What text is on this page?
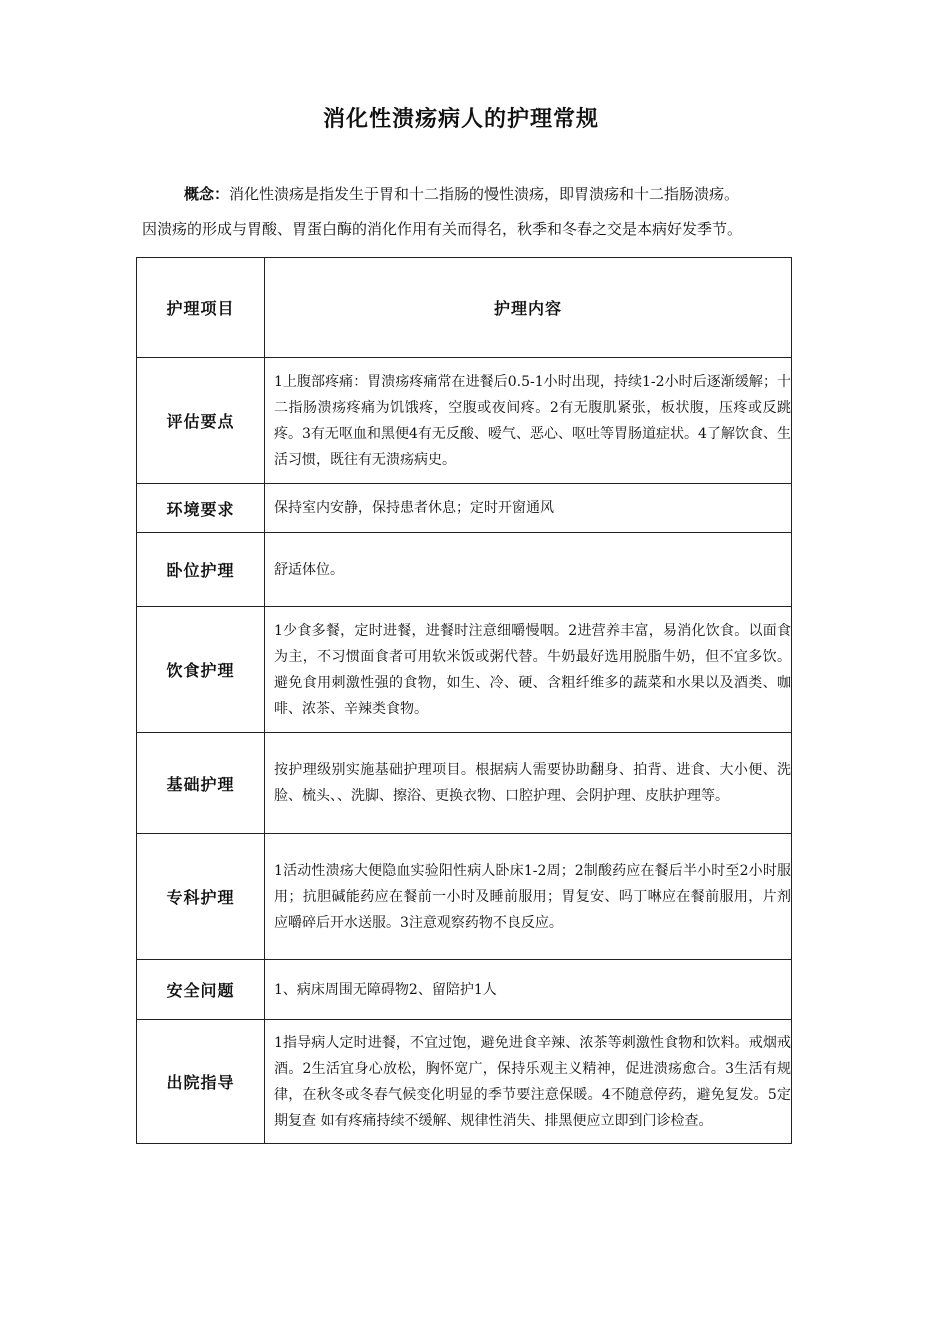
消化性溃疡病人的护理常规
概念：消化性溃疡是指发生于胃和十二指肠的慢性溃疡，即胃溃疡和十二指肠溃疡。
因溃疡的形成与胃酸、胃蛋白酶的消化作用有关而得名，秋季和冬春之交是本病好发季节。
护理项目	护理内容
评估要点	1上腹部疼痛：胃溃疡疼痛常在进餐后0.5-1小时出现，持续1-2小时后逐渐缓解；十二指肠溃疡疼痛为饥饿疼，空腹或夜间疼。2有无腹肌紧张，板状腹，压疼或反跳疼。3有无呕血和黑便4有无反酸、嗳气、恶心、呕吐等胃肠道症状。4了解饮食、生活习惯，既往有无溃疡病史。
环境要求	保持室内安静，保持患者休息；定时开窗通风
卧位护理	舒适体位。
饮食护理	1少食多餐，定时进餐，进餐时注意细嚼慢咽。2进营养丰富，易消化饮食。以面食为主，不习惯面食者可用软米饭或粥代替。牛奶最好选用脱脂牛奶，但不宜多饮。避免食用刺激性强的食物，如生、冷、硬、含粗纤维多的蔬菜和水果以及酒类、咖啡、浓茶、辛辣类食物。
基础护理	按护理级别实施基础护理项目。根据病人需要协助翻身、拍背、进食、大小便、洗脸、梳头、、洗脚、擦浴、更换衣物、口腔护理、会阴护理、皮肤护理等。
专科护理	1活动性溃疡大便隐血实验阳性病人卧床1-2周；2制酸药应在餐后半小时至2小时服用；抗胆碱能药应在餐前一小时及睡前服用；胃复安、吗丁啉应在餐前服用，片剂应嚼碎后开水送服。3注意观察药物不良反应。
安全问题	1、病床周围无障碍物2、留陪护1人
出院指导	1指导病人定时进餐，不宜过饱，避免进食辛辣、浓茶等刺激性食物和饮料。戒烟戒酒。2生活宜身心放松，胸怀宽广，保持乐观主义精神，促进溃疡愈合。3生活有规律，在秋冬或冬春气候变化明显的季节要注意保暖。4不随意停药，避免复发。5定期复查 如有疼痛持续不缓解、规律性消失、排黑便应立即到门诊检查。
